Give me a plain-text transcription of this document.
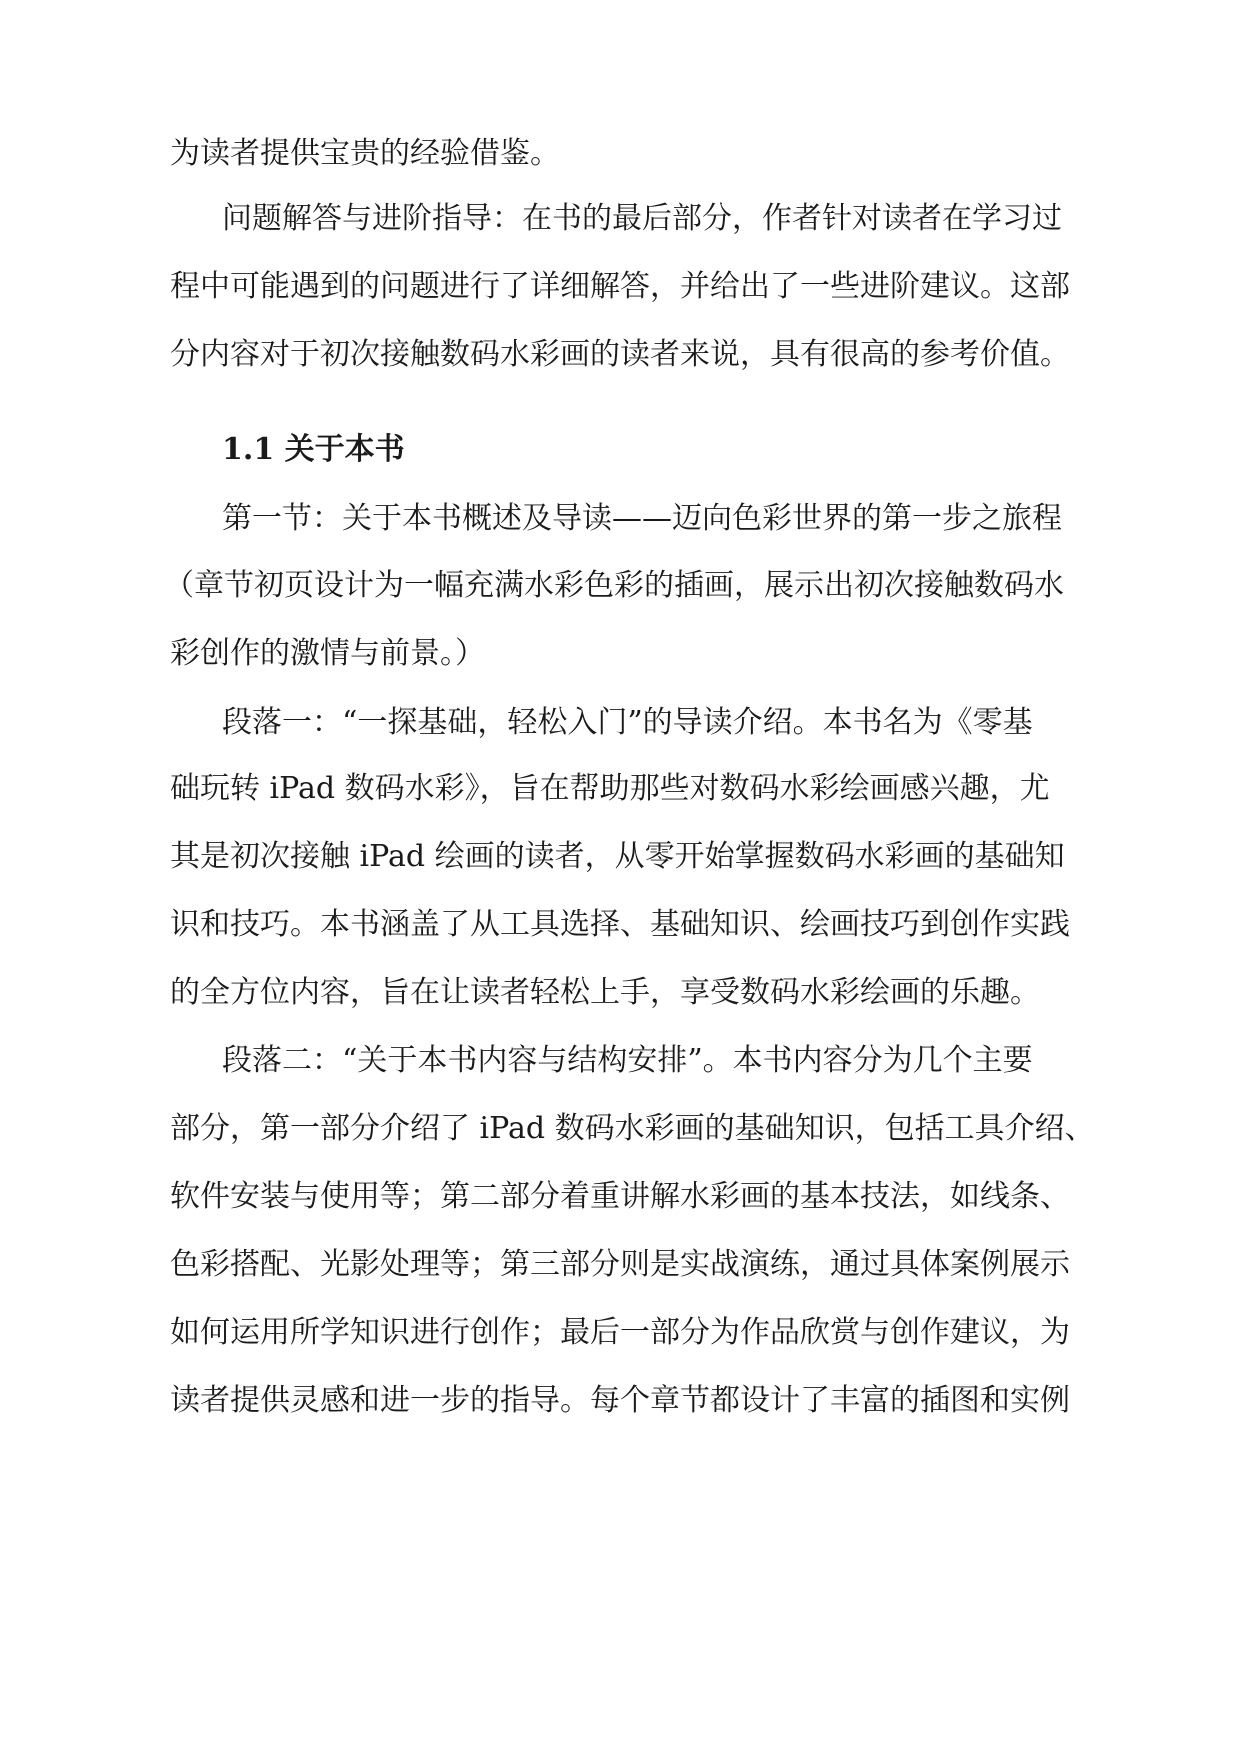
为读者提供宝贵的经验借鉴。
问题解答与进阶指导：在书的最后部分，作者针对读者在学习过
程中可能遇到的问题进行了详细解答，并给出了一些进阶建议。这部
分内容对于初次接触数码水彩画的读者来说，具有很高的参考价值。
1.1 关于本书
第一节：关于本书概述及导读——迈向色彩世界的第一步之旅程
（章节初页设计为一幅充满水彩色彩的插画，展示出初次接触数码水
彩创作的激情与前景。）
段落一：“一探基础，轻松入门”的导读介绍。本书名为《零基
础玩转 iPad 数码水彩》，旨在帮助那些对数码水彩绘画感兴趣，尤
其是初次接触 iPad 绘画的读者，从零开始掌握数码水彩画的基础知
识和技巧。本书涵盖了从工具选择、基础知识、绘画技巧到创作实践
的全方位内容，旨在让读者轻松上手，享受数码水彩绘画的乐趣。
段落二：“关于本书内容与结构安排”。本书内容分为几个主要
部分，第一部分介绍了 iPad 数码水彩画的基础知识，包括工具介绍、
软件安装与使用等；第二部分着重讲解水彩画的基本技法，如线条、
色彩搭配、光影处理等；第三部分则是实战演练，通过具体案例展示
如何运用所学知识进行创作；最后一部分为作品欣赏与创作建议，为
读者提供灵感和进一步的指导。每个章节都设计了丰富的插图和实例
